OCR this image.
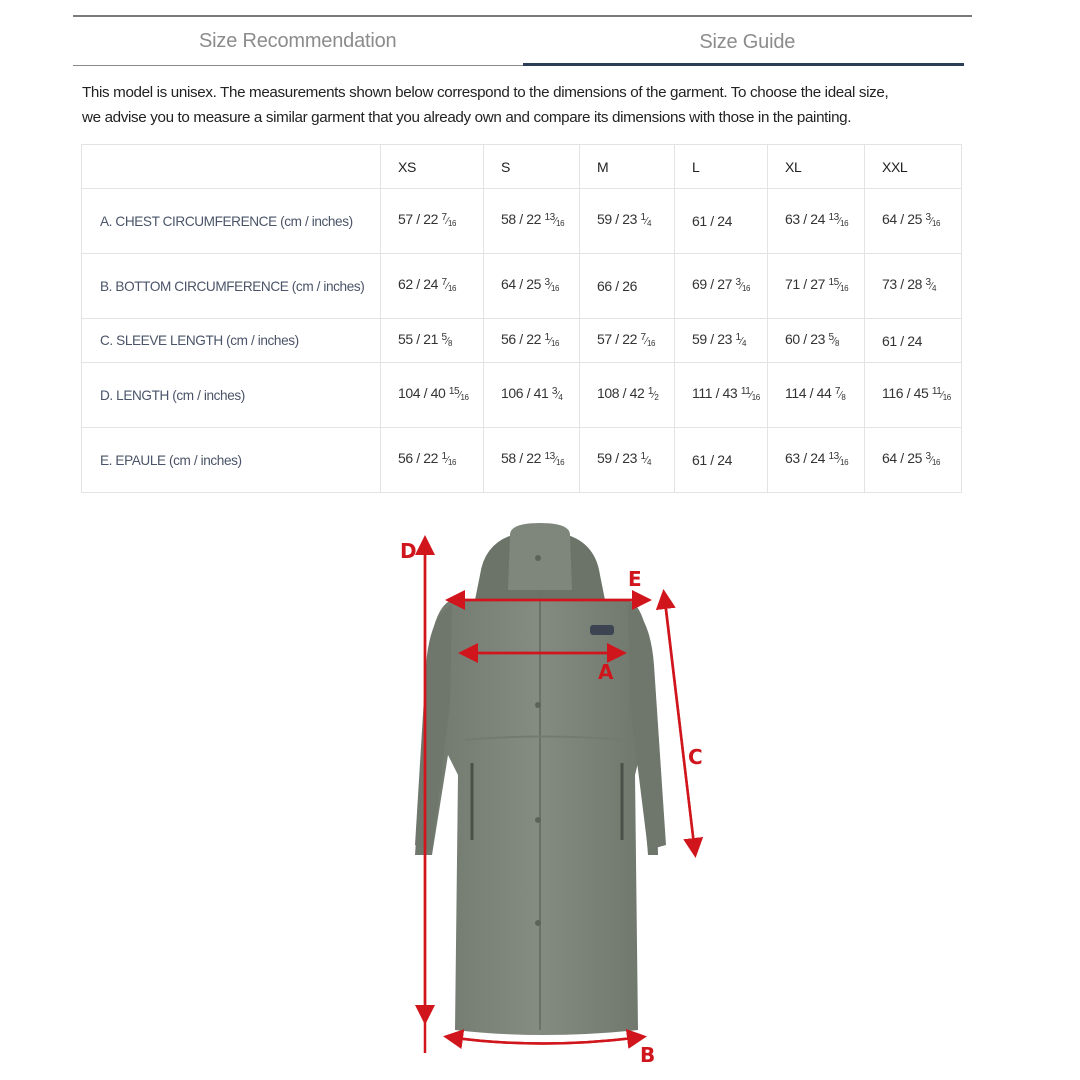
Size Recommendation	Size Guide
This model is unisex. The measurements shown below correspond to the dimensions of the garment. To choose the ideal size,
we advise you to measure a similar garment that you already own and compare its dimensions with those in the painting.
	XS	S	M	L	XL	XXL
A. CHEST CIRCUMFERENCE (cm / inches)	57 / 22 $^7⁄_{16}$	58 / 22 $^{13}⁄_{16}$	59 / 23 $^1⁄_4$	61 / 24	63 / 24 $^{13}⁄_{16}$	64 / 25 $^3⁄_{16}$
B. BOTTOM CIRCUMFERENCE (cm / inches)	62 / 24 $^7⁄_{16}$	64 / 25 $^3⁄_{16}$	66 / 26	69 / 27 $^3⁄_{16}$	71 / 27 $^{15}⁄_{16}$	73 / 28 $^3⁄_4$
C. SLEEVE LENGTH (cm / inches)	55 / 21 $^5⁄_8$	56 / 22 $^1⁄_{16}$	57 / 22 $^7⁄_{16}$	59 / 23 $^1⁄_4$	60 / 23 $^5⁄_8$	61 / 24
D. LENGTH (cm / inches)	104 / 40 $^{15}⁄_{16}$	106 / 41 $^3⁄_4$	108 / 42 $^1⁄_2$	111 / 43 $^{11}⁄_{16}$	114 / 44 $^7⁄_8$	116 / 45 $^{11}⁄_{16}$
E. EPAULE (cm / inches)	56 / 22 $^1⁄_{16}$	58 / 22 $^{13}⁄_{16}$	59 / 23 $^1⁄_4$	61 / 24	63 / 24 $^{13}⁄_{16}$	64 / 25 $^3⁄_{16}$
D
E
A
C
B
